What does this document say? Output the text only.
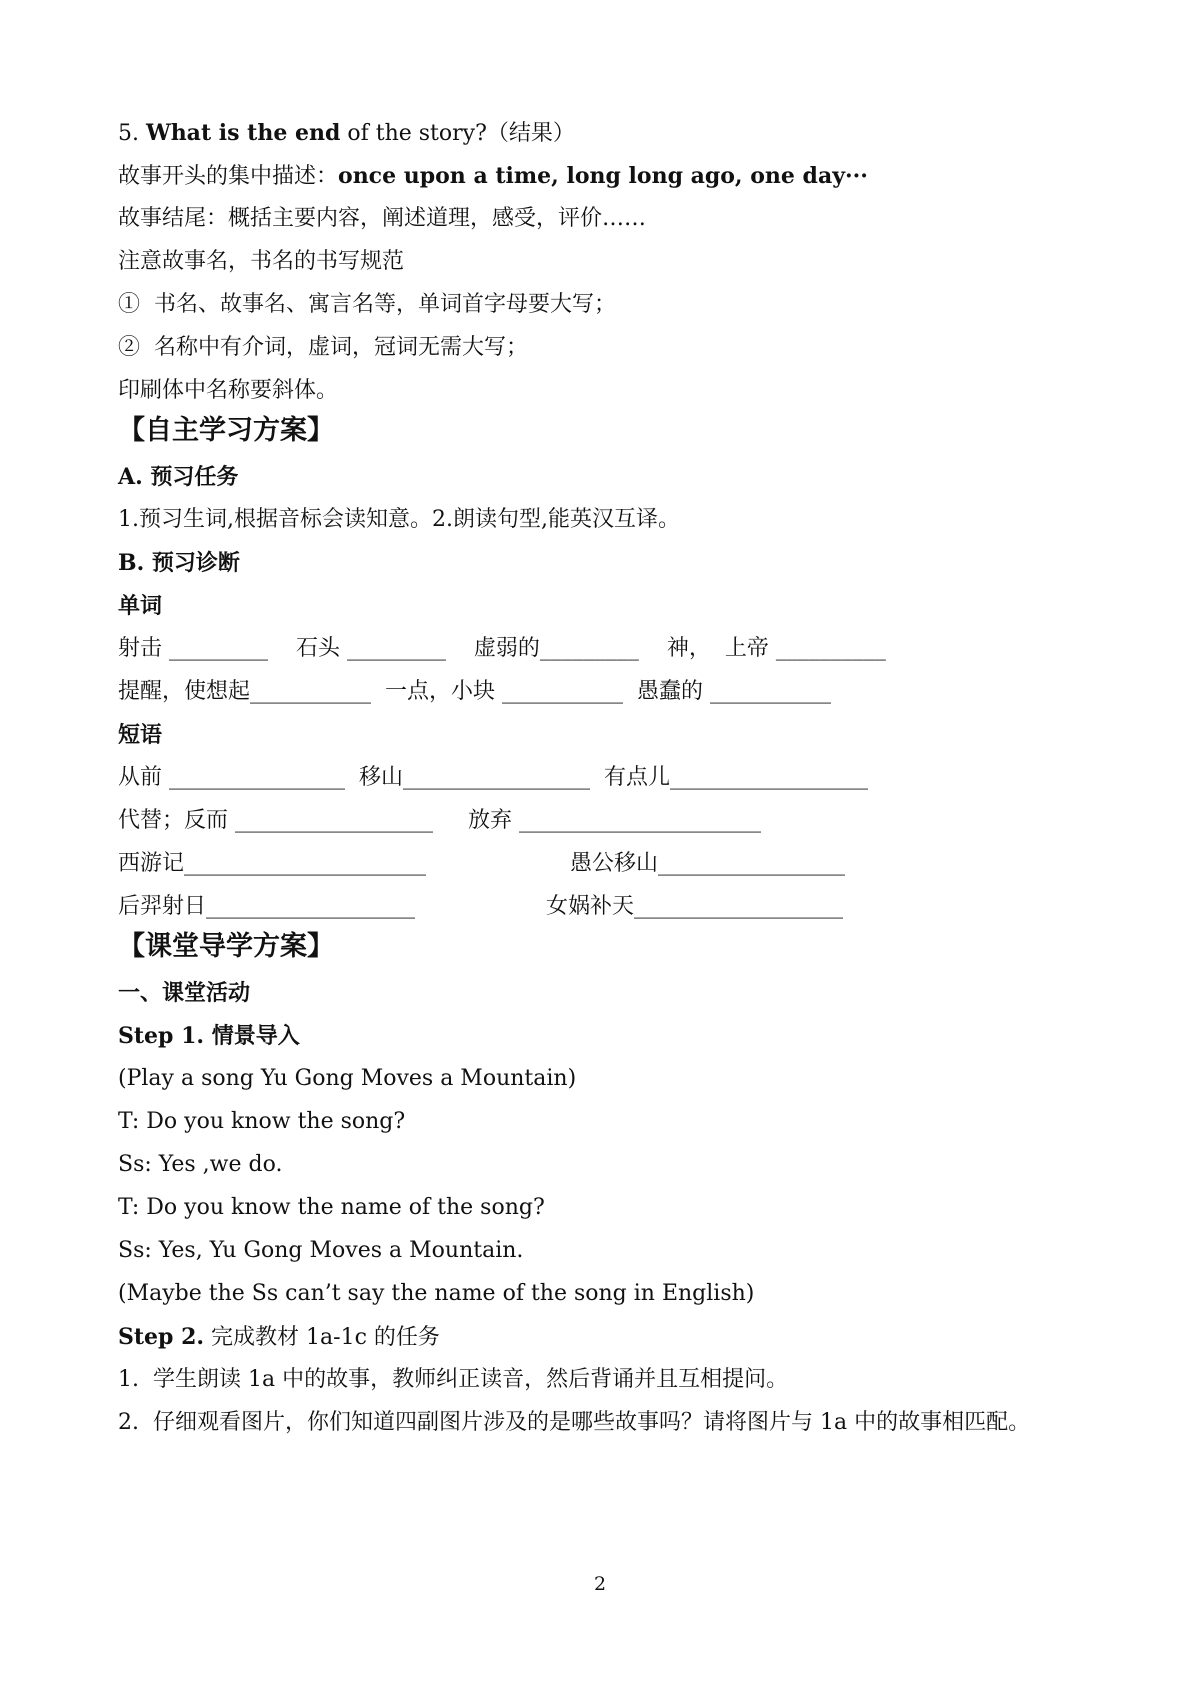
5. What is the end of the story?（结果）
故事开头的集中描述：once upon a time, long long ago, one day···
故事结尾：概括主要内容，阐述道理，感受，评价……
注意故事名，书名的书写规范
①  书名、故事名、寓言名等，单词首字母要大写；
②  名称中有介词，虚词，冠词无需大写；
印刷体中名称要斜体。
【自主学习方案】
A. 预习任务
1.预习生词,根据音标会读知意。2.朗读句型,能英汉互译。
B. 预习诊断
单词
射击 _________    石头 _________    虚弱的_________    神，  上帝 __________
提醒，使想起___________  一点，小块 ___________  愚蠢的 ___________
短语
从前 ________________  移山_________________  有点儿__________________
代替；反而 __________________     放弃 ______________________
西游记______________________	愚公移山_________________
后羿射日___________________	女娲补天___________________
【课堂导学方案】
一、课堂活动
Step 1. 情景导入
(Play a song Yu Gong Moves a Mountain)
T: Do you know the song?
Ss: Yes ,we do.
T: Do you know the name of the song?
Ss: Yes, Yu Gong Moves a Mountain.
(Maybe the Ss can’t say the name of the song in English)
Step 2. 完成教材 1a-1c 的任务
1.  学生朗读 1a 中的故事，教师纠正读音，然后背诵并且互相提问。
2.  仔细观看图片，你们知道四副图片涉及的是哪些故事吗？请将图片与 1a 中的故事相匹配。
2
